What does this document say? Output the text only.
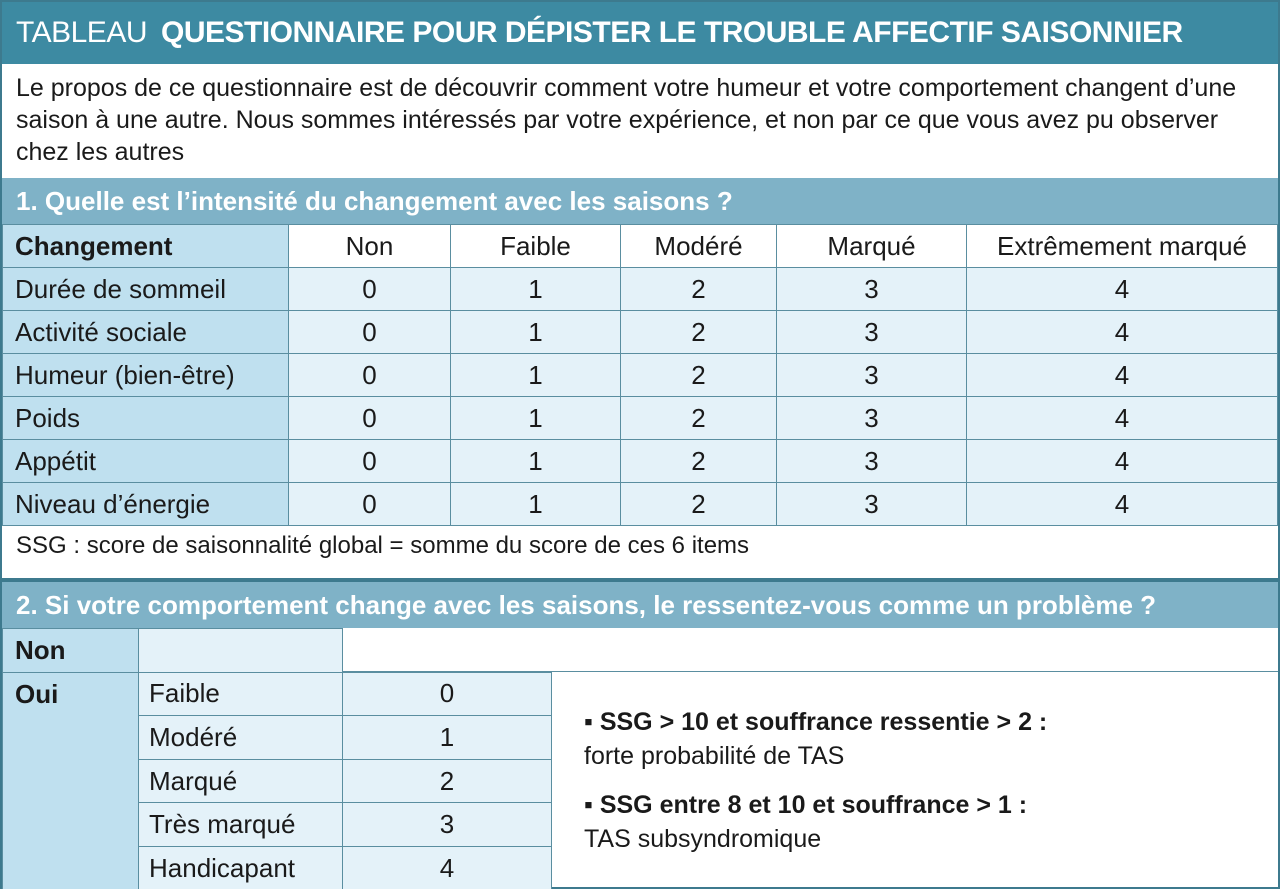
TABLEAU QUESTIONNAIRE POUR DÉPISTER LE TROUBLE AFFECTIF SAISONNIER

Le propos de ce questionnaire est de découvrir comment votre humeur et votre comportement changent d’une saison à une autre. Nous sommes intéressés par votre expérience, et non par ce que vous avez pu observer chez les autres

1. Quelle est l’intensité du changement avec les saisons ?
Changement	Non	Faible	Modéré	Marqué	Extrêmement marqué
Durée de sommeil	0	1	2	3	4
Activité sociale	0	1	2	3	4
Humeur (bien-être)	0	1	2	3	4
Poids	0	1	2	3	4
Appétit	0	1	2	3	4
Niveau d’énergie	0	1	2	3	4
SSG : score de saisonnalité global = somme du score de ces 6 items
2. Si votre comportement change avec les saisons, le ressentez-vous comme un problème ?
Non		
Oui	Faible	0
	Modéré	1
	Marqué	2
	Très marqué	3
	Handicapant	4
▪ SSG > 10 et souffrance ressentie > 2 :
forte probabilité de TAS
▪ SSG entre 8 et 10 et souffrance > 1 :
TAS subsyndromique
